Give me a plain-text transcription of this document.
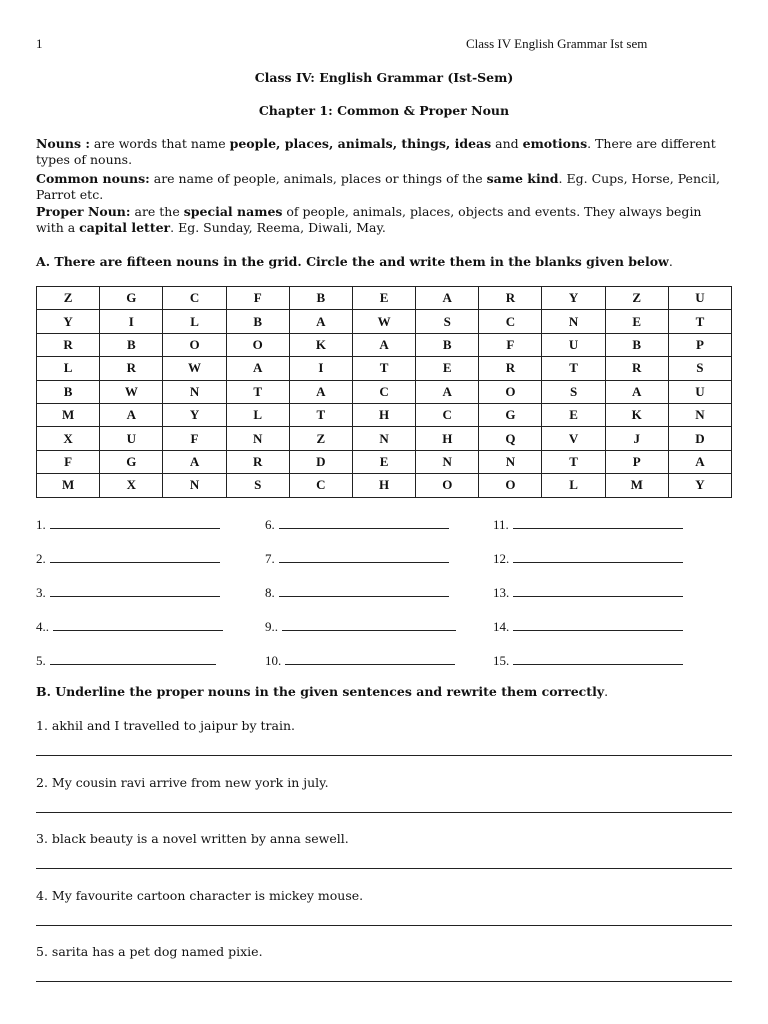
1	Class IV English Grammar Ist sem
Class IV: English Grammar (Ist-Sem)
Chapter 1: Common & Proper Noun
Nouns : are words that name people, places, animals, things, ideas and emotions. There are different types of nouns.
Common nouns: are name of people, animals, places or things of the same kind. Eg. Cups, Horse, Pencil, Parrot etc.
Proper Noun: are the special names of people, animals, places, objects and events. They always begin with a capital letter. Eg. Sunday, Reema, Diwali, May.
A. There are fifteen nouns in the grid. Circle the and write them in the blanks given below.
Z	G	C	F	B	E	A	R	Y	Z	U
Y	I	L	B	A	W	S	C	N	E	T
R	B	O	O	K	A	B	F	U	B	P
L	R	W	A	I	T	E	R	T	R	S
B	W	N	T	A	C	A	O	S	A	U
M	A	Y	L	T	H	C	G	E	K	N
X	U	F	N	Z	N	H	Q	V	J	D
F	G	A	R	D	E	N	N	T	P	A
M	X	N	S	C	H	O	O	L	M	Y
1.
2.
3.
4..
5.
6.
7.
8.
9..
10.
11.
12.
13.
14.
15.
B. Underline the proper nouns in the given sentences and rewrite them correctly.
1. akhil and I travelled to jaipur by train.
2. My cousin ravi arrive from new york in july.
3. black beauty is a novel written by anna sewell.
4. My favourite cartoon character is mickey mouse.
5. sarita has a pet dog named pixie.
